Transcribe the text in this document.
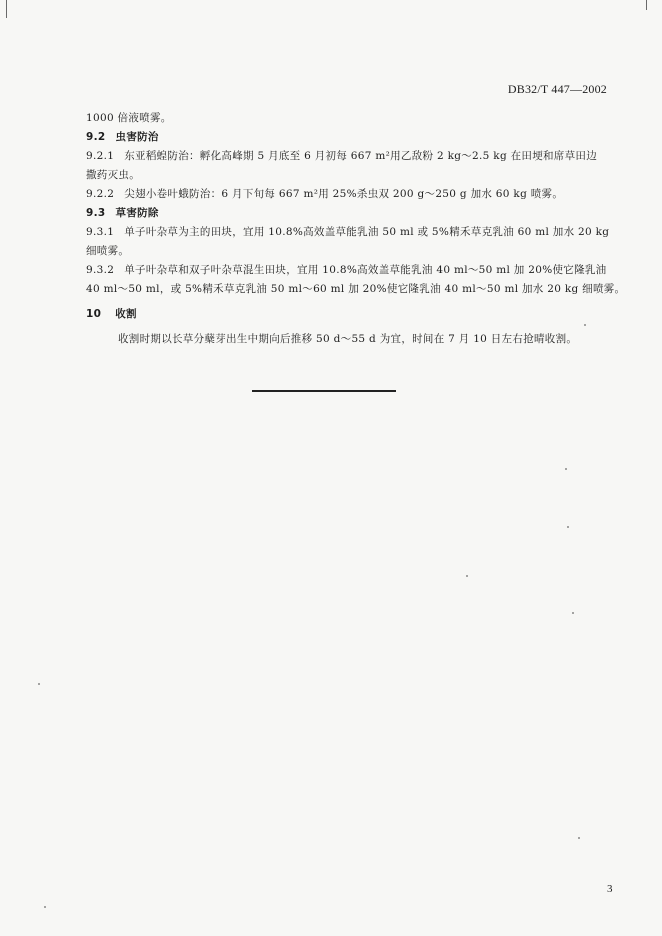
DB32/T 447—2002
1000 倍液喷雾。
9.2 虫害防治
9.2.1 东亚稻蝗防治：孵化高峰期 5 月底至 6 月初每 667 m²用乙敌粉 2 kg～2.5 kg 在田埂和席草田边
撒药灭虫。
9.2.2 尖翅小卷叶蛾防治：6 月下旬每 667 m²用 25%杀虫双 200 g～250 g 加水 60 kg 喷雾。
9.3 草害防除
9.3.1 单子叶杂草为主的田块，宜用 10.8%高效盖草能乳油 50 ml 或 5%精禾草克乳油 60 ml 加水 20 kg
细喷雾。
9.3.2 单子叶杂草和双子叶杂草混生田块，宜用 10.8%高效盖草能乳油 40 ml～50 ml 加 20%使它隆乳油
40 ml～50 ml，或 5%精禾草克乳油 50 ml～60 ml 加 20%使它隆乳油 40 ml～50 ml 加水 20 kg 细喷雾。
10 收割
收割时期以长草分蘖芽出生中期向后推移 50 d～55 d 为宜，时间在 7 月 10 日左右抢晴收割。
3
